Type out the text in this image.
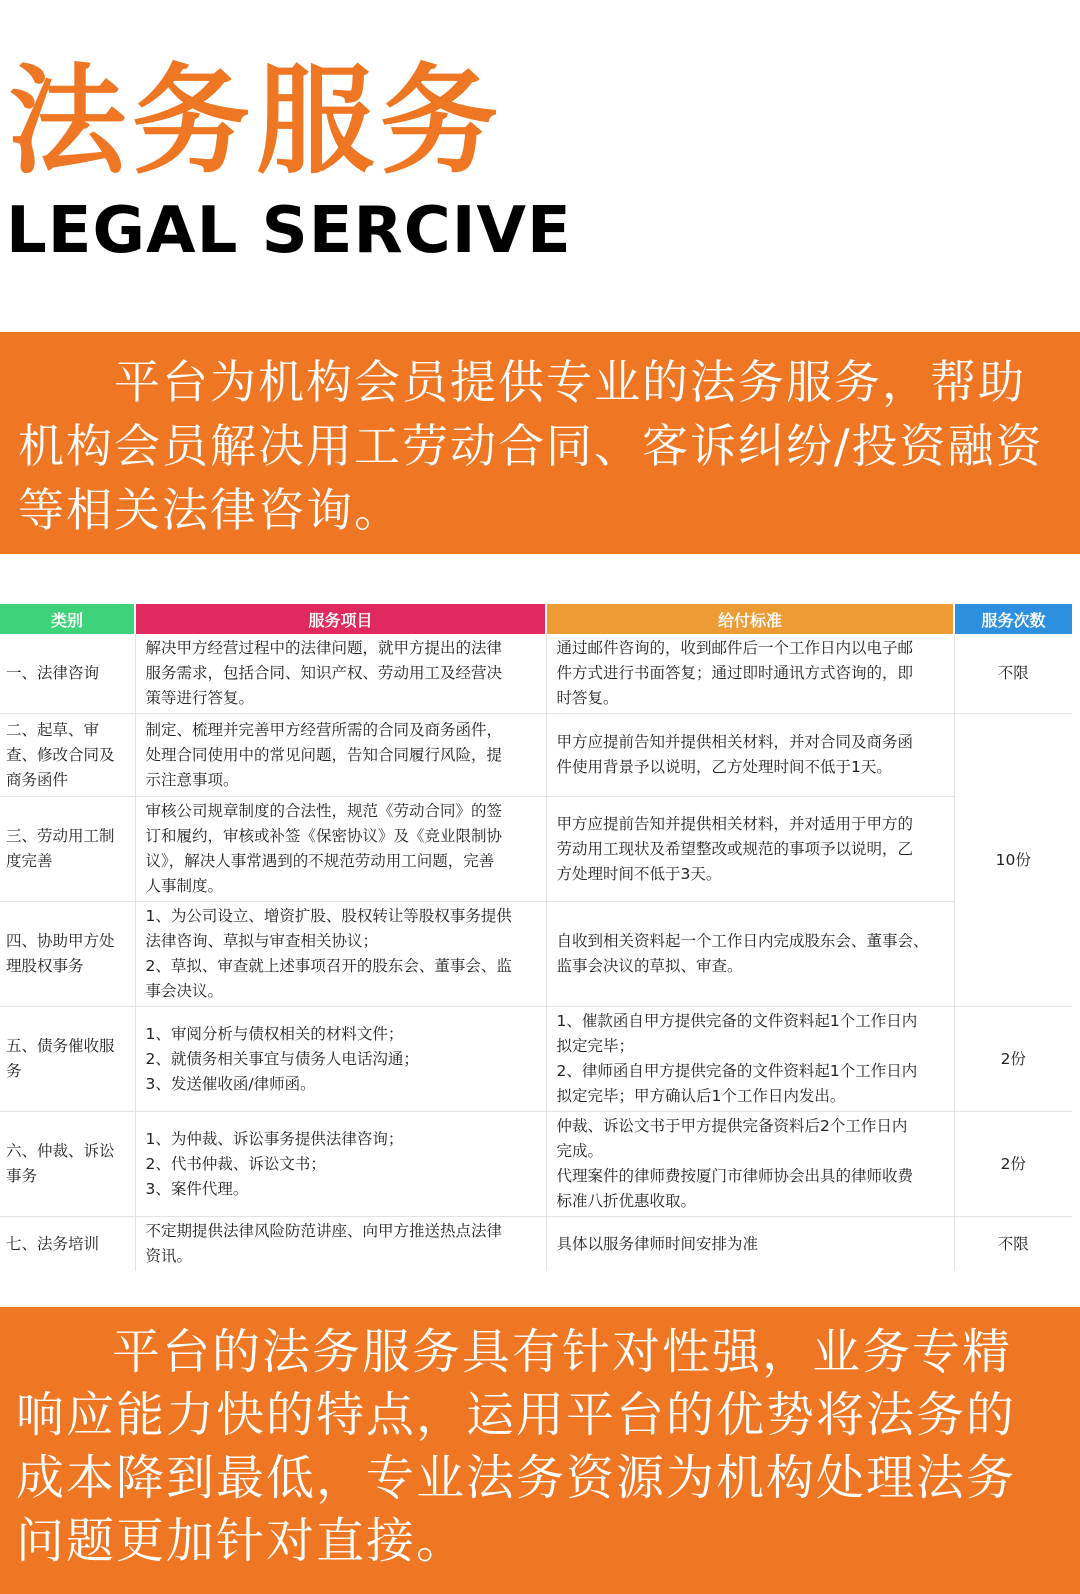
法务服务
LEGAL SERCIVE

平台为机构会员提供专业的法务服务，帮助机构会员解决用工劳动合同、客诉纠纷/投资融资等相关法律咨询。

类别	服务项目	给付标准	服务次数
一、法律咨询	解决甲方经营过程中的法律问题，就甲方提出的法律
服务需求，包括合同、知识产权、劳动用工及经营决
策等进行答复。	通过邮件咨询的，收到邮件后一个工作日内以电子邮
件方式进行书面答复；通过即时通讯方式咨询的，即
时答复。	不限
二、起草、审查、修改合同及商务函件	制定、梳理并完善甲方经营所需的合同及商务函件，
处理合同使用中的常见问题，告知合同履行风险，提
示注意事项。	甲方应提前告知并提供相关材料，并对合同及商务函
件使用背景予以说明，乙方处理时间不低于1天。	10份
三、劳动用工制度完善	审核公司规章制度的合法性，规范《劳动合同》的签
订和履约，审核或补签《保密协议》及《竞业限制协
议》，解决人事常遇到的不规范劳动用工问题，完善
人事制度。	甲方应提前告知并提供相关材料，并对适用于甲方的
劳动用工现状及希望整改或规范的事项予以说明，乙
方处理时间不低于3天。	

四、协助甲方处理股权事务	1、为公司设立、增资扩股、股权转让等股权事务提供
法律咨询、草拟与审查相关协议；
2、草拟、审查就上述事项召开的股东会、董事会、监
事会决议。	自收到相关资料起一个工作日内完成股东会、董事会、
监事会决议的草拟、审查。	

五、债务催收服务	1、审阅分析与债权相关的材料文件；
2、就债务相关事宜与债务人电话沟通；
3、发送催收函/律师函。	1、催款函自甲方提供完备的文件资料起1个工作日内
拟定完毕；
2、律师函自甲方提供完备的文件资料起1个工作日内
拟定完毕；甲方确认后1个工作日内发出。	2份
六、仲裁、诉讼事务	1、为仲裁、诉讼事务提供法律咨询；
2、代书仲裁、诉讼文书；
3、案件代理。	仲裁、诉讼文书于甲方提供完备资料后2个工作日内
完成。
代理案件的律师费按厦门市律师协会出具的律师收费
标准八折优惠收取。	2份
七、法务培训	不定期提供法律风险防范讲座、向甲方推送热点法律
资讯。	具体以服务律师时间安排为准	不限

平台的法务服务具有针对性强，业务专精响应能力快的特点，运用平台的优势将法务的成本降到最低，专业法务资源为机构处理法务问题更加针对直接。
